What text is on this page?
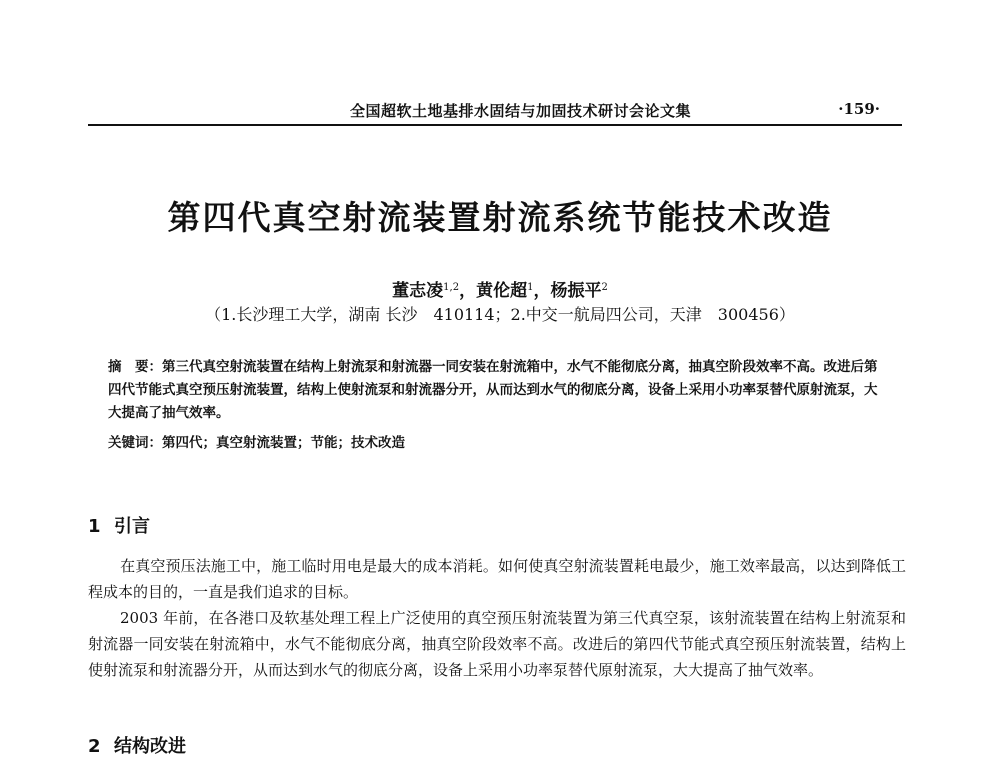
全国超软土地基排水固结与加固技术研讨会论文集	·159·
第四代真空射流装置射流系统节能技术改造
董志凌$^{1,2}$，黄伦超$^1$，杨振平$^2$
（1.长沙理工大学，湖南 长沙　410114；2.中交一航局四公司，天津　300456）
摘　要：第三代真空射流装置在结构上射流泵和射流器一同安装在射流箱中，水气不能彻底分离，抽真空阶段效率不高。改进后第四代节能式真空预压射流装置，结构上使射流泵和射流器分开，从而达到水气的彻底分离，设备上采用小功率泵替代原射流泵，大大提高了抽气效率。
关键词：第四代；真空射流装置；节能；技术改造
1 引言
在真空预压法施工中，施工临时用电是最大的成本消耗。如何使真空射流装置耗电最少，施工效率最高，以达到降低工程成本的目的，一直是我们追求的目标。
2003 年前，在各港口及软基处理工程上广泛使用的真空预压射流装置为第三代真空泵，该射流装置在结构上射流泵和射流器一同安装在射流箱中，水气不能彻底分离，抽真空阶段效率不高。改进后的第四代节能式真空预压射流装置，结构上使射流泵和射流器分开，从而达到水气的彻底分离，设备上采用小功率泵替代原射流泵，大大提高了抽气效率。
2 结构改进
